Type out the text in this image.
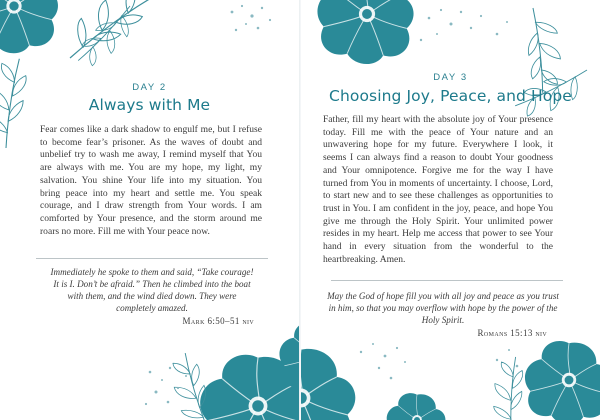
DAY 2
Always with Me

Fear comes like a dark shadow to engulf me, but I refuse to become fear’s prisoner. As the waves of doubt and unbelief try to wash me away, I remind myself that You are always with me. You are my hope, my light, my salvation. You shine Your life into my situation. You bring peace into my heart and settle me. You speak courage, and I draw strength from Your words. I am comforted by Your presence, and the storm around me roars no more. Fill me with Your peace now.

Immediately he spoke to them and said, “Take courage! It is I. Don’t be afraid.” Then he climbed into the boat with them, and the wind died down. They were completely amazed.

Mark 6:50–51 niv
DAY 3
Choosing Joy, Peace, and Hope

Father, fill my heart with the absolute joy of Your presence today. Fill me with the peace of Your nature and an unwavering hope for my future. Everywhere I look, it seems I can always find a reason to doubt Your goodness and Your omnipotence. Forgive me for the way I have turned from You in moments of uncertainty. I choose, Lord, to start new and to see these challenges as opportunities to trust in You. I am confident in the joy, peace, and hope You give me through the Holy Spirit. Your unlimited power resides in my heart. Help me access that power to see Your hand in every situation from the wonderful to the heartbreaking. Amen.

May the God of hope fill you with all joy and peace as you trust in him, so that you may overflow with hope by the power of the Holy Spirit.

Romans 15:13 niv
